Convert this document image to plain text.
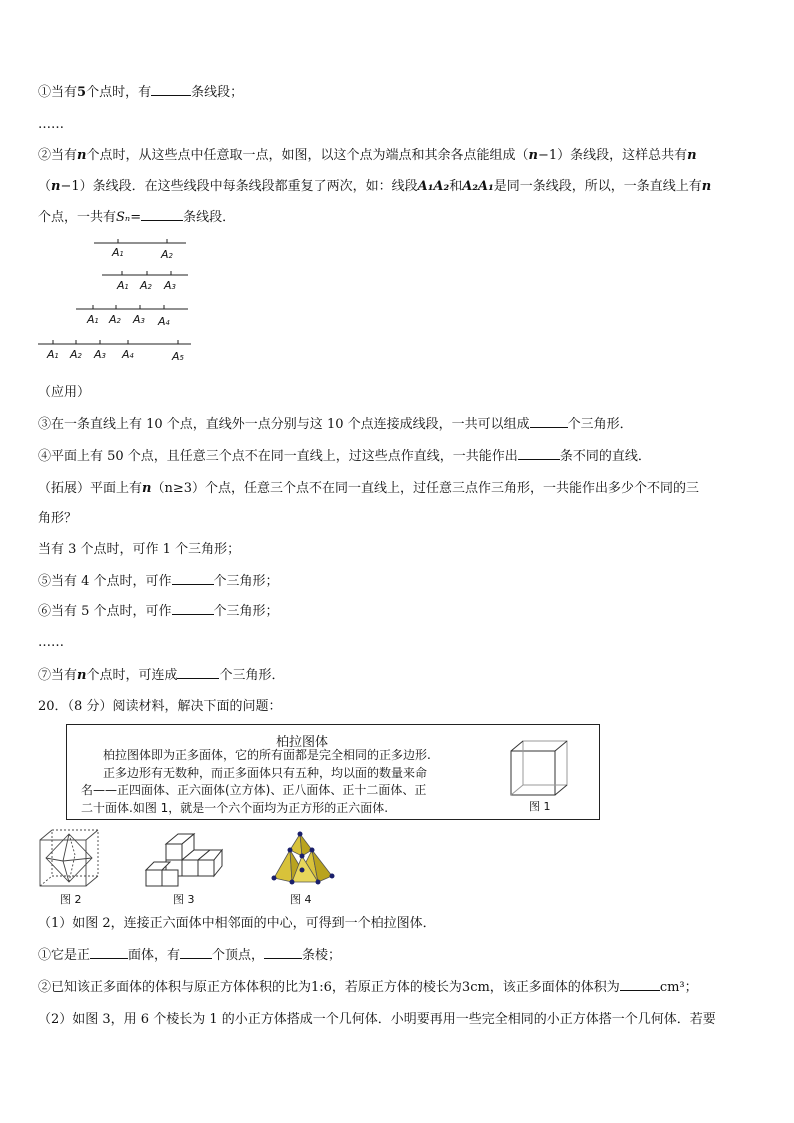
①当有5个点时，有	条线段；
……
②当有n个点时，从这些点中任意取一点，如图，以这个点为端点和其余各点能组成（n−1）条线段，这样总共有n
（n−1）条线段．在这些线段中每条线段都重复了两次，如：线段A₁A₂和A₂A₁是同一条线段，所以，一条直线上有n
个点，一共有Sₙ=	条线段．
A1	A2
A1 A2 A3
A1 A2 A3 A4
A1 A2 A3 A4	A5
（应用）
③在一条直线上有 10 个点，直线外一点分别与这 10 个点连接成线段，一共可以组成	个三角形．
④平面上有 50 个点，且任意三个点不在同一直线上，过这些点作直线，一共能作出	条不同的直线．
（拓展）平面上有n（n≥3）个点，任意三个点不在同一直线上，过任意三点作三角形，一共能作出多少个不同的三
角形？
当有 3 个点时，可作 1 个三角形；
⑤当有 4 个点时，可作	个三角形；
⑥当有 5 个点时，可作	个三角形；
……
⑦当有n个点时，可连成	个三角形．
20．（8 分）阅读材料，解决下面的问题：
柏拉图体
柏拉图体即为正多面体，它的所有面都是完全相同的正多边形.
正多边形有无数种，而正多面体只有五种，均以面的数量来命
名——正四面体、正六面体(立方体)、正八面体、正十二面体、正
二十面体.如图 1，就是一个六个面均为正方形的正六面体.	图 1
图 2	图 3	图 4
（1）如图 2，连接正六面体中相邻面的中心，可得到一个柏拉图体．
①它是正	面体，有 个顶点，	条棱；
②已知该正多面体的体积与原正方体体积的比为1:6，若原正方体的棱长为3cm，该正多面体的体积为	cm³；
（2）如图 3，用 6 个棱长为 1 的小正方体搭成一个几何体．小明要再用一些完全相同的小正方体搭一个几何体．若要
